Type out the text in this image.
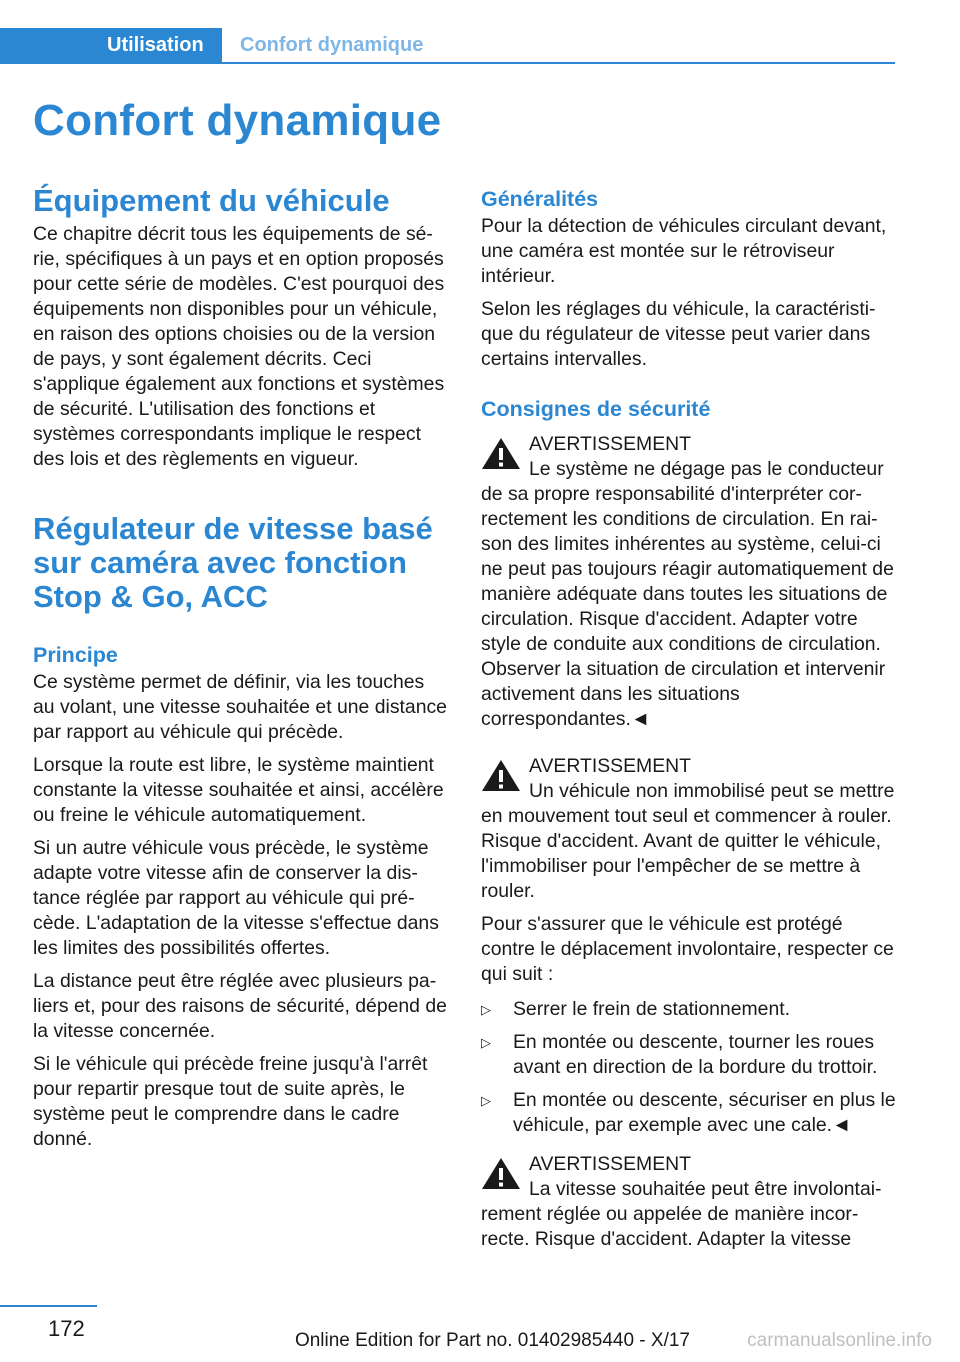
Utilisation	Confort dynamique
Confort dynamique
Équipement du véhicule

Ce chapitre décrit tous les équipements de série, spécifiques à un pays et en option proposés pour cette série de modèles. C'est pourquoi des équipements non disponibles pour un véhicule, en raison des options choisies ou de la version de pays, y sont également décrits. Ceci s'applique également aux fonctions et systèmes de sécurité. L'utilisation des fonctions et systèmes correspondants implique le respect des lois et des règlements en vigueur.

Régulateur de vitesse basé sur caméra avec fonction Stop & Go, ACC
Principe

Ce système permet de définir, via les touches au volant, une vitesse souhaitée et une distance par rapport au véhicule qui précède.

Lorsque la route est libre, le système maintient constante la vitesse souhaitée et ainsi, accélère ou freine le véhicule automatiquement.

Si un autre véhicule vous précède, le système adapte votre vitesse afin de conserver la distance réglée par rapport au véhicule qui précède. L'adaptation de la vitesse s'effectue dans les limites des possibilités offertes.

La distance peut être réglée avec plusieurs paliers et, pour des raisons de sécurité, dépend de la vitesse concernée.

Si le véhicule qui précède freine jusqu'à l'arrêt pour repartir presque tout de suite après, le système peut le comprendre dans le cadre donné.

Généralités

Pour la détection de véhicules circulant devant, une caméra est montée sur le rétroviseur intérieur.

Selon les réglages du véhicule, la caractéristique du régulateur de vitesse peut varier dans certains intervalles.

Consignes de sécurité
AVERTISSEMENT

Le système ne dégage pas le conducteur de sa propre responsabilité d'interpréter correctement les conditions de circulation. En raison des limites inhérentes au système, celui-ci ne peut pas toujours réagir automatiquement de manière adéquate dans toutes les situations de circulation. Risque d'accident. Adapter votre style de conduite aux conditions de circulation. Observer la situation de circulation et intervenir activement dans les situations correspondantes.◄

AVERTISSEMENT

Un véhicule non immobilisé peut se mettre en mouvement tout seul et commencer à rouler. Risque d'accident. Avant de quitter le véhicule, l'immobiliser pour l'empêcher de se mettre à rouler.

Pour s'assurer que le véhicule est protégé contre le déplacement involontaire, respecter ce qui suit :

▷ Serrer le frein de stationnement.
▷ En montée ou descente, tourner les roues avant en direction de la bordure du trottoir.
▷ En montée ou descente, sécuriser en plus le véhicule, par exemple avec une cale.◄
AVERTISSEMENT

La vitesse souhaitée peut être involontairement réglée ou appelée de manière incorrecte. Risque d'accident. Adapter la vitesse

172	Online Edition for Part no. 01402985440 - X/17	carmanualsonline.info
